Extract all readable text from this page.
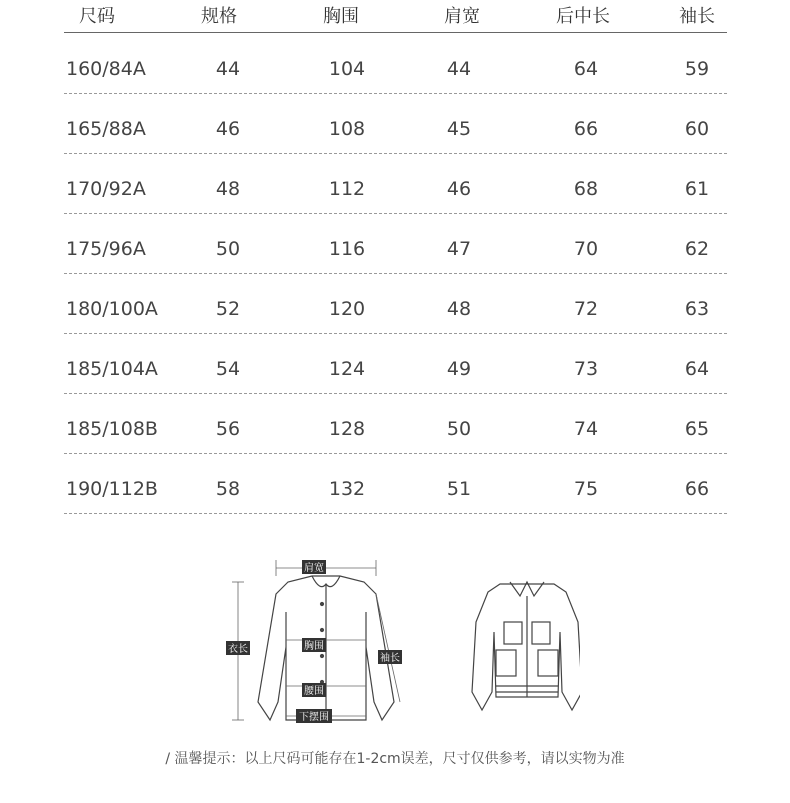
尺码	规格	胸围	肩宽	后中长	袖长
160/84A	44	104	44	64	59
165/88A	46	108	45	66	60
170/92A	48	112	46	68	61
175/96A	50	116	47	70	62
180/100A	52	120	48	72	63
185/104A	54	124	49	73	64
185/108B	56	128	50	74	65
190/112B	58	132	51	75	66
肩宽
衣长	胸围
袖长
腰围
下摆围
/ 温馨提示：以上尺码可能存在1-2cm误差，尺寸仅供参考，请以实物为准
